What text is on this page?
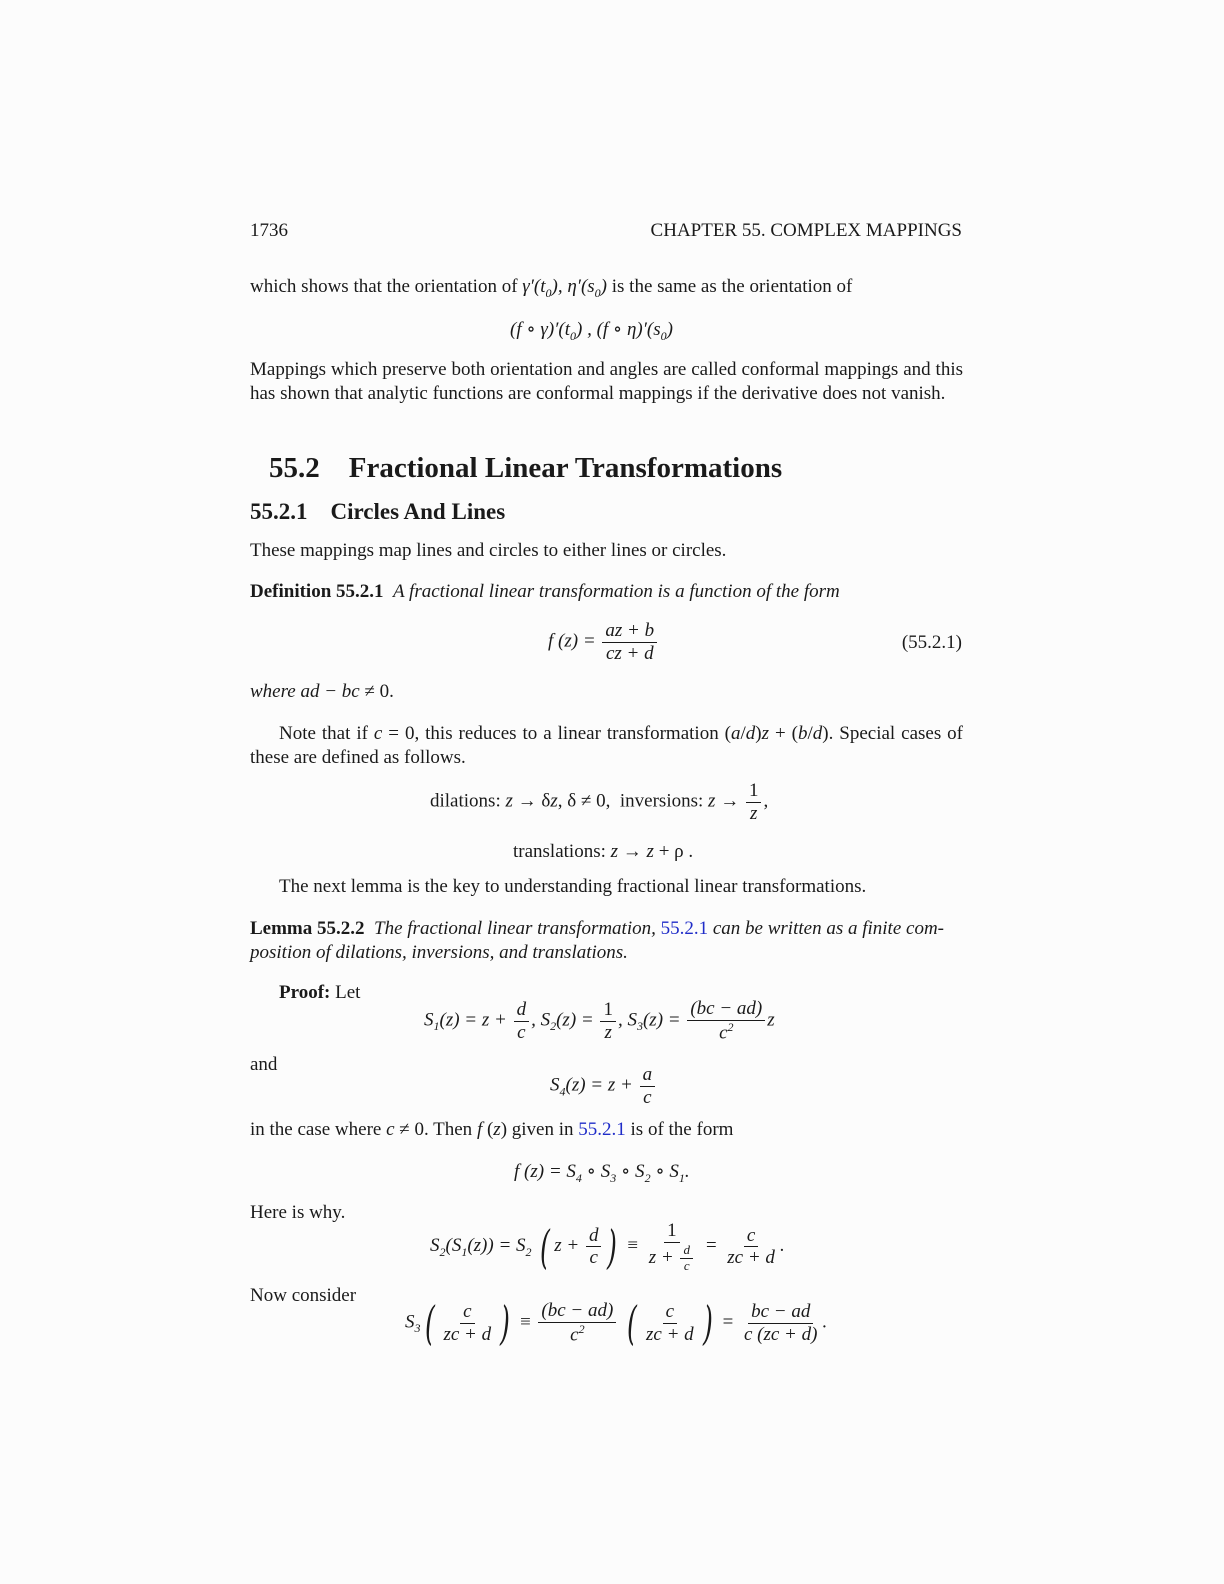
1736	CHAPTER 55. COMPLEX MAPPINGS
which shows that the orientation of $\gamma'(t_0)$, $\eta'(s_0)$ is the same as the orientation of
(f ∘ $\gamma)'(t_0)$ , (f ∘ $\eta)'(s_0)$
Mappings which preserve both orientation and angles are called conformal mappings and this has shown that analytic functions are conformal mappings if the derivative does not vanish.
55.2 Fractional Linear Transformations
55.2.1 Circles And Lines
These mappings map lines and circles to either lines or circles.
Definition 55.2.1 A fractional linear transformation is a function of the form
f $(z) = \frac{az + b}{cz + d}$	(55.2.1)
where ad − bc ≠ 0.
Note that if c = 0, this reduces to a linear transformation (a/d)z + (b/d). Special cases of these are defined as follows.
dilations: z → δz, δ ≠ 0,  inversions: $z \to \frac{1}{z}$ ,
translations: z → z + ρ .
The next lemma is the key to understanding fractional linear transformations.
Lemma 55.2.2 The fractional linear transformation, 55.2.1 can be written as a finite com-
position of dilations, inversions, and translations.
Proof: Let
$S_1(z) = z + \frac{d}{c}$ , $S_2(z) = \frac{1}{z}$ , $S_3(z) = \frac{(bc - ad)}{c^2}$ z
and
$S_4(z) = z + \frac{a}{c}$
in the case where c ≠ 0. Then f (z) given in 55.2.1 is of the form
f $(z) = S_4$ ∘ $S_3$ ∘ $S_2$ ∘ $S_1$.
Here is why.
$S_2(S_1(z)) = S_2$ ( $z + \frac{d}{c}$ ) ≡ $\frac{1}{z + \frac{d}{c}} = \frac{c}{zc + d}$ .
Now consider
$S_3( \frac{c}{zc + d}$ ) ≡ $\frac{(bc - ad)}{c^2}$ ( $\frac{c}{zc + d}$ ) = $\frac{bc - ad}{c (zc + d)}$ .
